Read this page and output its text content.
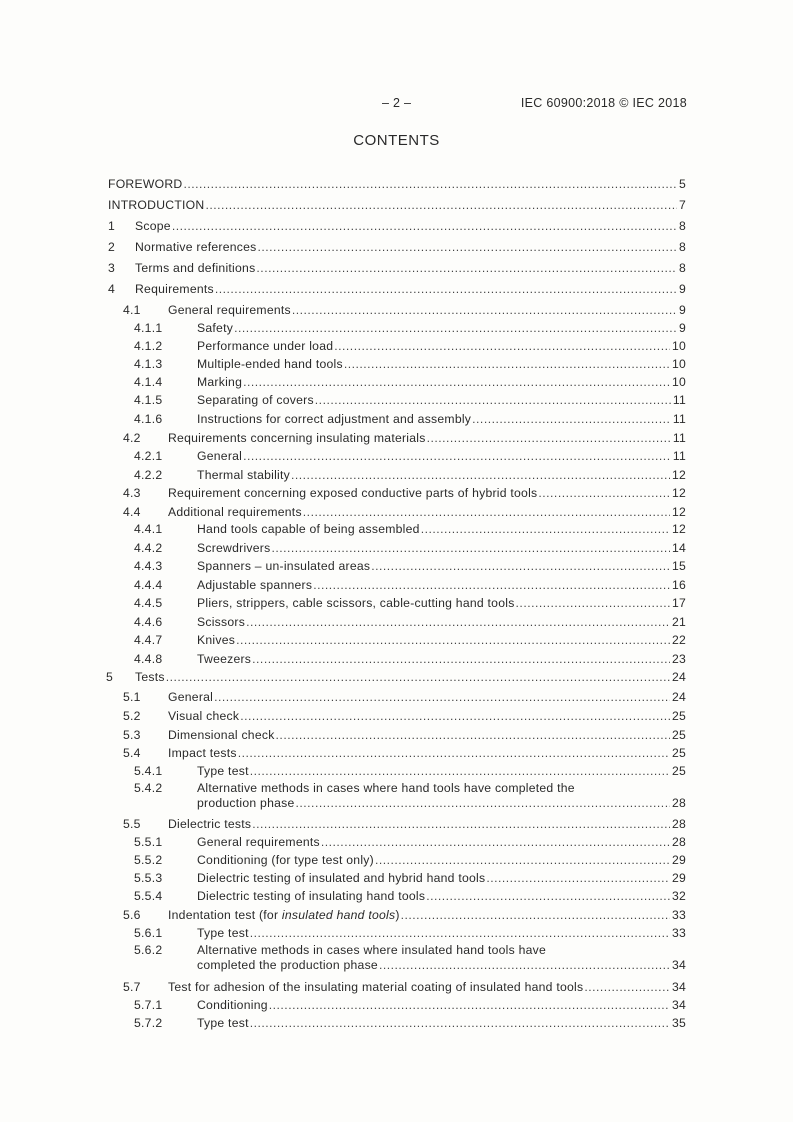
– 2 –	IEC 60900:2018 © IEC 2018
CONTENTS
FOREWORD .....	5
INTRODUCTION .....	7
1 Scope .....	8
2 Normative references .....	8
3 Terms and definitions .....	8
4 Requirements .....	9
4.1 General requirements .....	9
4.1.1	Safety .....	9
4.1.2	Performance under load .....	10
4.1.3	Multiple-ended hand tools .....	10
4.1.4	Marking .....	10
4.1.5	Separating of covers .....	11
4.1.6	Instructions for correct adjustment and assembly .....	11
4.2 Requirements concerning insulating materials .....	11
4.2.1	General .....	11
4.2.2	Thermal stability .....	12
4.3 Requirement concerning exposed conductive parts of hybrid tools .....	12
4.4 Additional requirements .....	12
4.4.1	Hand tools capable of being assembled .....	12
4.4.2	Screwdrivers .....	14
4.4.3	Spanners – un-insulated areas .....	15
4.4.4	Adjustable spanners .....	16
4.4.5	Pliers, strippers, cable scissors, cable-cutting hand tools .....	17
4.4.6	Scissors .....	21
4.4.7	Knives .....	22
4.4.8	Tweezers .....	23
5 Tests .....	24
5.1 General .....	24
5.2 Visual check .....	25
5.3 Dimensional check .....	25
5.4 Impact tests .....	25
5.4.1	Type test .....	25
5.4.2	Alternative methods in cases where hand tools have completed the
production phase .....	28
5.5 Dielectric tests .....	28
5.5.1	General requirements .....	28
5.5.2	Conditioning (for type test only) .....	29
5.5.3	Dielectric testing of insulated and hybrid hand tools .....	29
5.5.4	Dielectric testing of insulating hand tools .....	32
5.6 Indentation test (for insulated hand tools) .....	33
5.6.1	Type test .....	33
5.6.2	Alternative methods in cases where insulated hand tools have
completed the production phase .....	34
5.7 Test for adhesion of the insulating material coating of insulated hand tools .....	34
5.7.1	Conditioning .....	34
5.7.2	Type test .....	35
